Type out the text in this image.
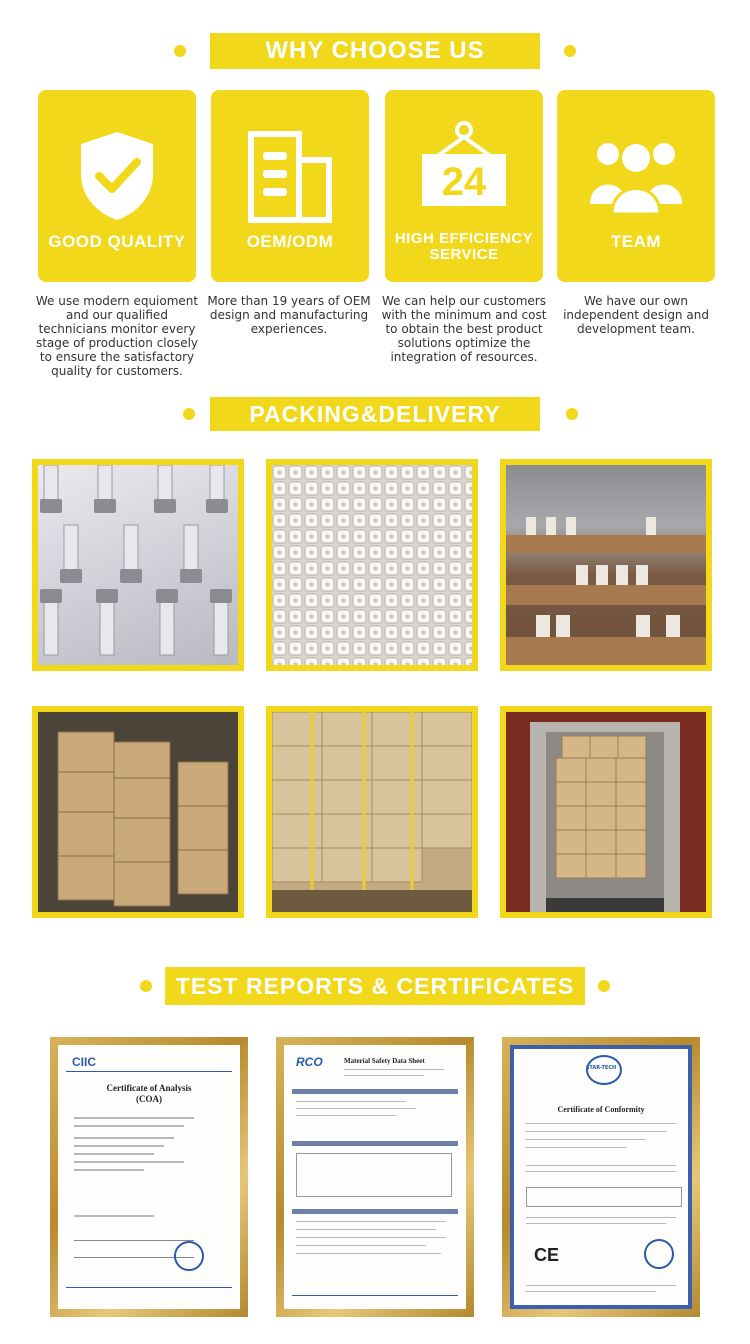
WHY CHOOSE US
GOOD QUALITY	OEM/ODM
24
HIGH EFFICIENCY
SERVICE
TEAM
We use modern equioment and our qualified technicians monitor every stage of production closely to ensure the satisfactory quality for customers.
More than 19 years of OEM design and manufacturing experiences.
We can help our customers with the minimum and cost to obtain the best product solutions optimize the integration of resources.
We have our own independent design and development team.
PACKING&DELIVERY
TEST REPORTS & CERTIFICATES
CIIC
Certificate of Analysis
(COA)
RCO	Material Safety Data Sheet
STAR-TECH
Certificate of Conformity
CE
